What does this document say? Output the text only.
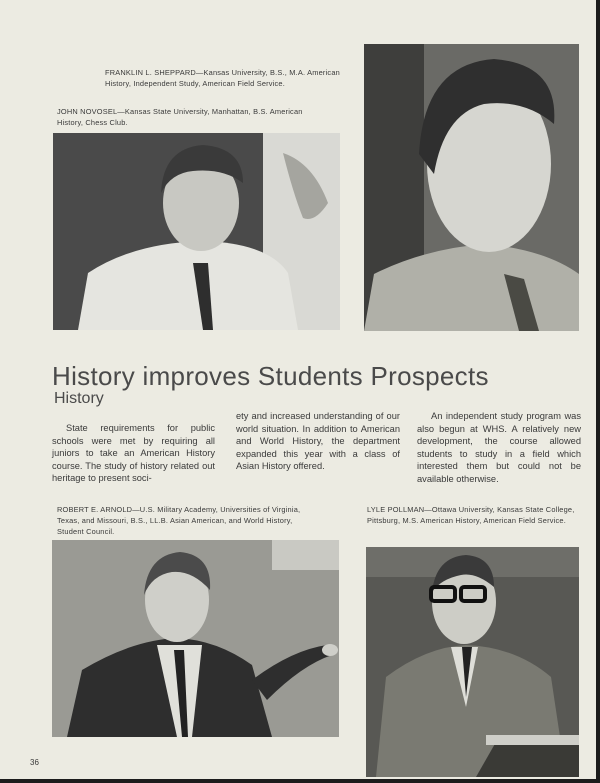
FRANKLIN L. SHEPPARD—Kansas University, B.S., M.A. American History, Independent Study, American Field Service.
JOHN NOVOSEL—Kansas State University, Manhattan, B.S. American History, Chess Club.
History improves Students Prospects
History
State requirements for public schools were met by requiring all juniors to take an American History course. The study of history related out heritage to present soci-
ety and increased understanding of our world situation. In addition to American and World History, the department expanded this year with a class of Asian History offered.
An independent study program was also begun at WHS. A relatively new development, the course allowed students to study in a field which interested them but could not be available otherwise.
ROBERT E. ARNOLD—U.S. Military Academy, Universities of Virginia, Texas, and Missouri, B.S., LL.B. Asian American, and World History, Student Council.
LYLE POLLMAN—Ottawa University, Kansas State College, Pittsburg, M.S. American History, American Field Service.
36
